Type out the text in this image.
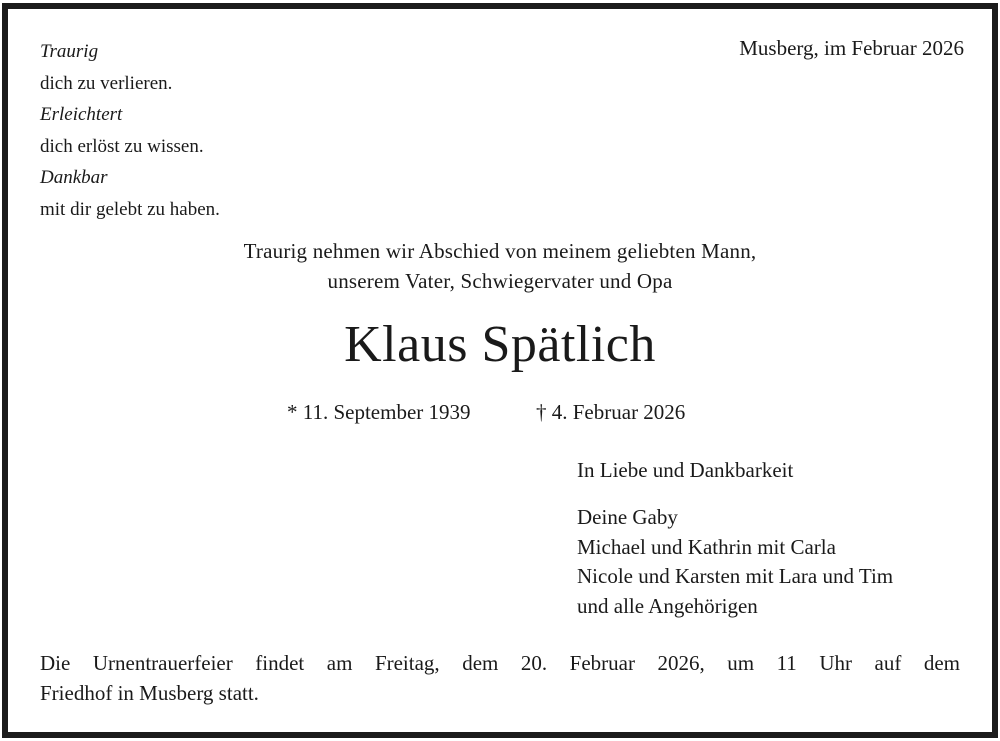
Traurig
dich zu verlieren.
Erleichtert
dich erlöst zu wissen.
Dankbar
mit dir gelebt zu haben.
Musberg, im Februar 2026
Traurig nehmen wir Abschied von meinem geliebten Mann,
unserem Vater, Schwiegervater und Opa
Klaus Spätlich
* 11. September 1939	† 4. Februar 2026
In Liebe und Dankbarkeit
Deine Gaby
Michael und Kathrin mit Carla
Nicole und Karsten mit Lara und Tim
und alle Angehörigen
Die Urnentrauerfeier findet am Freitag, dem 20. Februar 2026, um 11 Uhr auf dem
Friedhof in Musberg statt.
